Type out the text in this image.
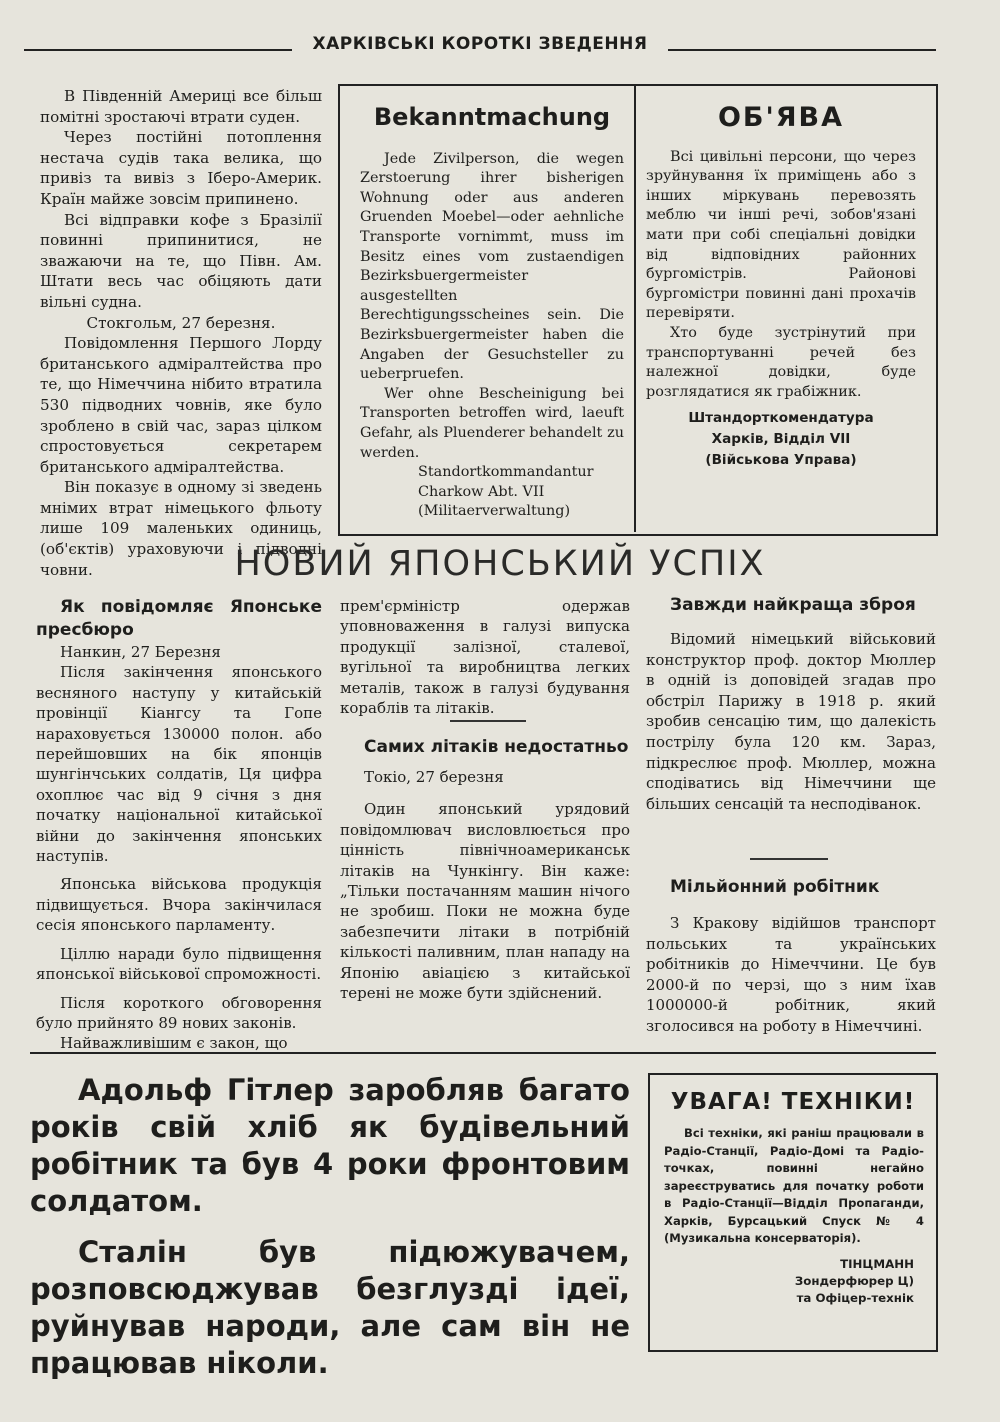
ХАРКІВСЬКІ КОРОТКІ ЗВЕДЕННЯ

В Південній Америці все більш помітні зростаючі втрати суден.

Через постійні потоплення нестача судів така велика, що привіз та вивіз з Іберо-Америк. Країн майже зовсім припинено.

Всі відправки кофе з Бразілії повинні припинитися, не зважаючи на те, що Півн. Ам. Штати весь час обіцяють дати вільні судна.

Стокгольм, 27 березня.

Повідомлення Першого Лорду британського адміралтейства про те, що Німеччина нібито втратила 530 підводних човнів, яке було зроблено в свій час, зараз цілком спростовується секретарем британського адміралтейства.

Він показує в одному зі зведень мнімих втрат німецького фльоту лише 109 маленьких одиниць, (об'єктів) ураховуючи і підводні човни.

Bekanntmachung

Jede Zivilperson, die wegen Zerstoerung ihrer bisherigen Wohnung oder aus anderen Gruenden Moebel—oder aehnliche Transporte vornimmt, muss im Besitz eines vom zustaendigen Bezirksbuergermeister ausgestellten Berechtigungsscheines sein. Die Bezirksbuergermeister haben die Angaben der Gesuchsteller zu ueberpruefen.

Wer ohne Bescheinigung bei Transporten betroffen wird, laeuft Gefahr, als Pluenderer behandelt zu werden.

Standortkommandantur

Charkow Abt. VII

(Militaerverwaltung)

ОБ'ЯВА

Всі цивільні персони, що через зруйнування їх приміщень або з інших міркувань перевозять меблю чи інші речі, зобов'язані мати при собі спеціальні довідки від відповідних районних бургомістрів. Районові бургомістри повинні дані прохачів перевіряти.

Хто буде зустрінутий при транспортуванні речей без належної довідки, буде розглядатися як грабіжник.

Штандорткомендатура
Харків, Відділ VII
(Військова Управа)
НОВИЙ ЯПОНСЬКИЙ УСПІХ

Як повідомляє Японське пресбюро

Нанкин, 27 Березня

Після закінчення японського весняного наступу у китайській провінції Кіангсу та Гопе нараховується 130000 полон. або перейшовших на бік японців шунгінчських солдатів, Ця цифра охоплює час від 9 січня з дня початку національної китайської війни до закінчення японських наступів.

Японська військова продукція підвищується. Вчора закінчилася сесія японського парламенту.

Ціллю наради було підвищення японської військової спроможності.

Після короткого обговорення було прийнято 89 нових законів.

Найважливішим є закон, що

прем'єрміністр одержав уповноваження в галузі випуска продукції залізної, сталевої, вугільної та виробництва легких металів, також в галузі будування кораблів та літаків.

Самих літаків недостатньо

Токіо, 27 березня

Один японський урядовий повідомлювач висловлюється про цінність північноамериканськ літаків на Чункінгу. Він каже: „Тільки постачанням машин нічого не зробиш. Поки не можна буде забезпечити літаки в потрібній кількості паливним, план нападу на Японію авіацією з китайської терені не може бути здійснений.

Завжди найкраща зброя

Відомий німецький військовий конструктор проф. доктор Мюллер в одній із доповідей згадав про обстріл Парижу в 1918 р. який зробив сенсацію тим, що далекість пострілу була 120 км. Зараз, підкреслює проф. Мюллер, можна сподіватись від Німеччини ще більших сенсацій та несподіванок.

Мільйонний робітник

З Кракову відійшов транспорт польських та українських робітників до Німеччини. Це був 2000-й по черзі, що з ним їхав 1000000-й робітник, який зголосився на роботу в Німеччині.

Адольф Гітлер заробляв багато років свій хліб як будівельний робітник та був 4 роки фронтовим солдатом.

Сталін був підюжувачем, розповсюджував безглузді ідеї, руйнував народи, але сам він не працював ніколи.

УВАГА! ТЕХНІКИ!
Всі техніки, які раніш працювали в Радіо-Станції, Радіо-Домі та Радіо-точках, повинні негайно зареєструватись для початку роботи в Радіо-Станції—Відділ Пропаганди, Харків, Бурсацький Спуск № 4 (Музикальна консерваторія).
ТІНЦМАНН
Зондерфюрер Ц)
та Офіцер-технік
